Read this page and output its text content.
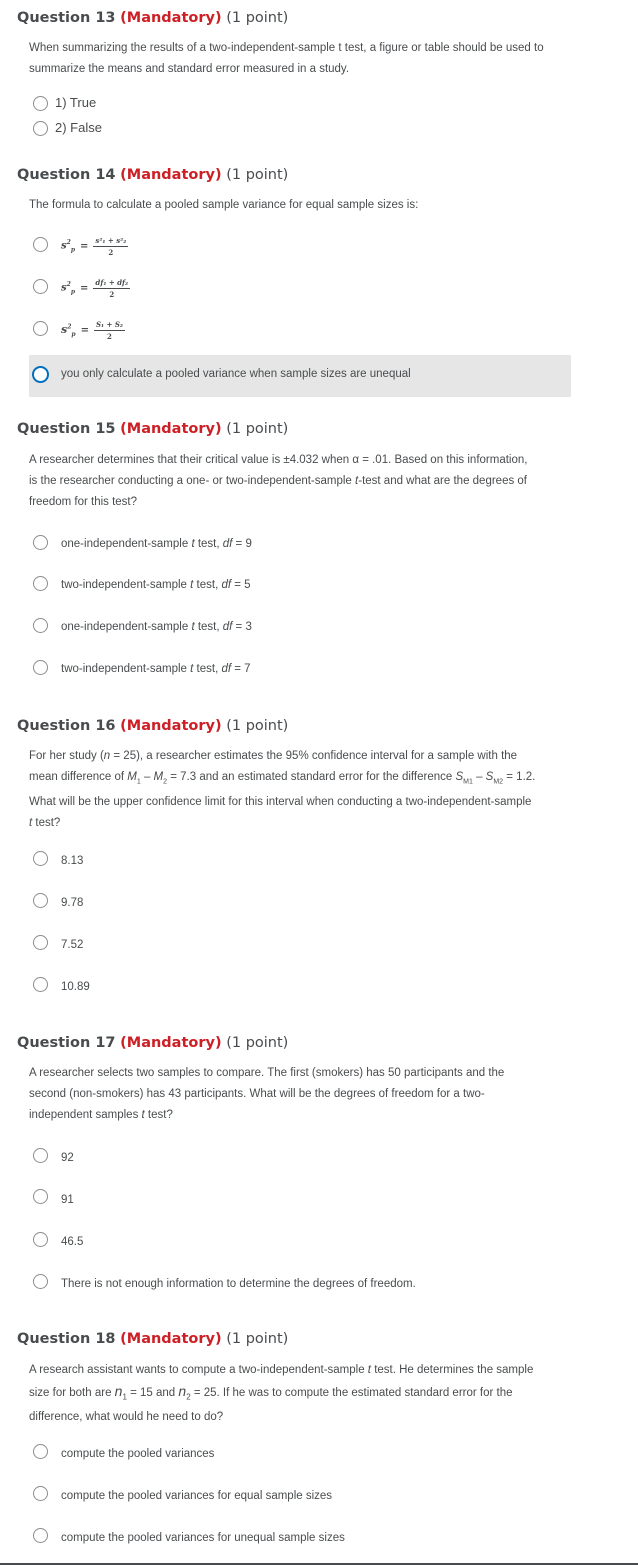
Question 13 (Mandatory) (1 point)
When summarizing the results of a two-independent-sample t test, a figure or table should be used to summarize the means and standard error measured in a study.
1) True
2) False
Question 14 (Mandatory) (1 point)
The formula to calculate a pooled sample variance for equal sample sizes is:
$s^2_p = \frac{\text{s²₁ + s²₂}}{2}$
$s^2_p = \frac{\text{df₁ + df₂}}{2}$
$s^2_p = \frac{\text{S₁ + S₂}}{2}$
you only calculate a pooled variance when sample sizes are unequal
Question 15 (Mandatory) (1 point)
A researcher determines that their critical value is ±4.032 when α = .01. Based on this information,
is the researcher conducting a one- or two-independent-sample t-test and what are the degrees of
freedom for this test?
one-independent-sample t test, df = 9
two-independent-sample t test, df = 5
one-independent-sample t test, df = 3
two-independent-sample t test, df = 7
Question 16 (Mandatory) (1 point)
For her study (n = 25), a researcher estimates the 95% confidence interval for a sample with the
mean difference of $M_1 - M_2 = 7.3$ and an estimated standard error for the difference $S_{M1} - S_{M2} = 1.2$.
What will be the upper confidence limit for this interval when conducting a two-independent-sample
t test?
8.13
9.78
7.52
10.89
Question 17 (Mandatory) (1 point)
A researcher selects two samples to compare. The first (smokers) has 50 participants and the
second (non-smokers) has 43 participants. What will be the degrees of freedom for a two-
independent samples t test?
92
91
46.5
There is not enough information to determine the degrees of freedom.
Question 18 (Mandatory) (1 point)
A research assistant wants to compute a two-independent-sample t test. He determines the sample
size for both are $n_1 = 15$ and $n_2 = 25$. If he was to compute the estimated standard error for the
difference, what would he need to do?
compute the pooled variances
compute the pooled variances for equal sample sizes
compute the pooled variances for unequal sample sizes
